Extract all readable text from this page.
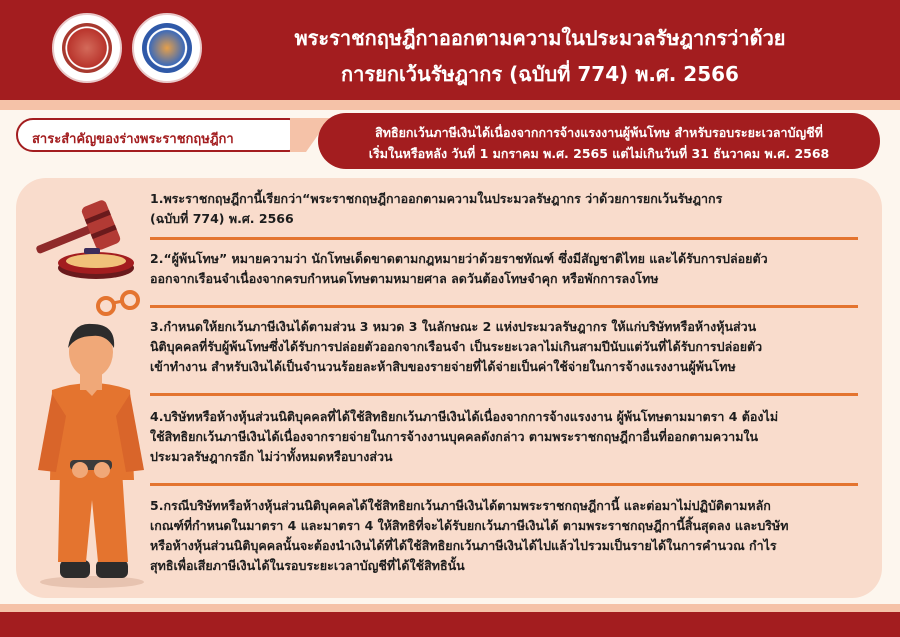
พระราชกฤษฎีกาออกตามความในประมวลรัษฎากรว่าด้วย
การยกเว้นรัษฎากร (ฉบับที่ 774) พ.ศ. 2566
สาระสำคัญของร่างพระราชกฤษฎีกา	สิทธิยกเว้นภาษีเงินได้เนื่องจากการจ้างแรงงานผู้พ้นโทษ สำหรับรอบระยะเวลาบัญชีที่
เริ่มในหรือหลัง วันที่ 1 มกราคม พ.ศ. 2565 แต่ไม่เกินวันที่ 31 ธันวาคม พ.ศ. 2568
1.พระราชกฤษฎีกานี้เรียกว่า“พระราชกฤษฎีกาออกตามความในประมวลรัษฎากร ว่าด้วยการยกเว้นรัษฎากร
(ฉบับที่ 774) พ.ศ. 2566
2.“ผู้พ้นโทษ” หมายความว่า นักโทษเด็ดขาดตามกฎหมายว่าด้วยราชทัณฑ์ ซึ่งมีสัญชาติไทย และได้รับการปล่อยตัว
ออกจากเรือนจำเนื่องจากครบกำหนดโทษตามหมายศาล ลดวันต้องโทษจำคุก หรือพักการลงโทษ
3.กำหนดให้ยกเว้นภาษีเงินได้ตามส่วน 3 หมวด 3 ในลักษณะ 2 แห่งประมวลรัษฎากร ให้แก่บริษัทหรือห้างหุ้นส่วน
นิติบุคคลที่รับผู้พ้นโทษซึ่งได้รับการปล่อยตัวออกจากเรือนจำ เป็นระยะเวลาไม่เกินสามปีนับแต่วันที่ได้รับการปล่อยตัว
เข้าทำงาน สำหรับเงินได้เป็นจำนวนร้อยละห้าสิบของรายจ่ายที่ได้จ่ายเป็นค่าใช้จ่ายในการจ้างแรงงานผู้พ้นโทษ
4.บริษัทหรือห้างหุ้นส่วนนิติบุคคลที่ได้ใช้สิทธิยกเว้นภาษีเงินได้เนื่องจากการจ้างแรงงาน ผู้พ้นโทษตามมาตรา 4 ต้องไม่
ใช้สิทธิยกเว้นภาษีเงินได้เนื่องจากรายจ่ายในการจ้างงานบุคคลดังกล่าว ตามพระราชกฤษฎีกาอื่นที่ออกตามความใน
ประมวลรัษฎากรอีก ไม่ว่าทั้งหมดหรือบางส่วน
5.กรณีบริษัทหรือห้างหุ้นส่วนนิติบุคคลได้ใช้สิทธิยกเว้นภาษีเงินได้ตามพระราชกฤษฎีกานี้ และต่อมาไม่ปฏิบัติตามหลัก
เกณฑ์ที่กำหนดในมาตรา 4 และมาตรา 4 ให้สิทธิที่จะได้รับยกเว้นภาษีเงินได้ ตามพระราชกฤษฎีกานี้สิ้นสุดลง และบริษัท
หรือห้างหุ้นส่วนนิติบุคคลนั้นจะต้องนำเงินได้ที่ได้ใช้สิทธิยกเว้นภาษีเงินได้ไปแล้วไปรวมเป็นรายได้ในการคำนวณ กำไร
สุทธิเพื่อเสียภาษีเงินได้ในรอบระยะเวลาบัญชีที่ได้ใช้สิทธินั้น
